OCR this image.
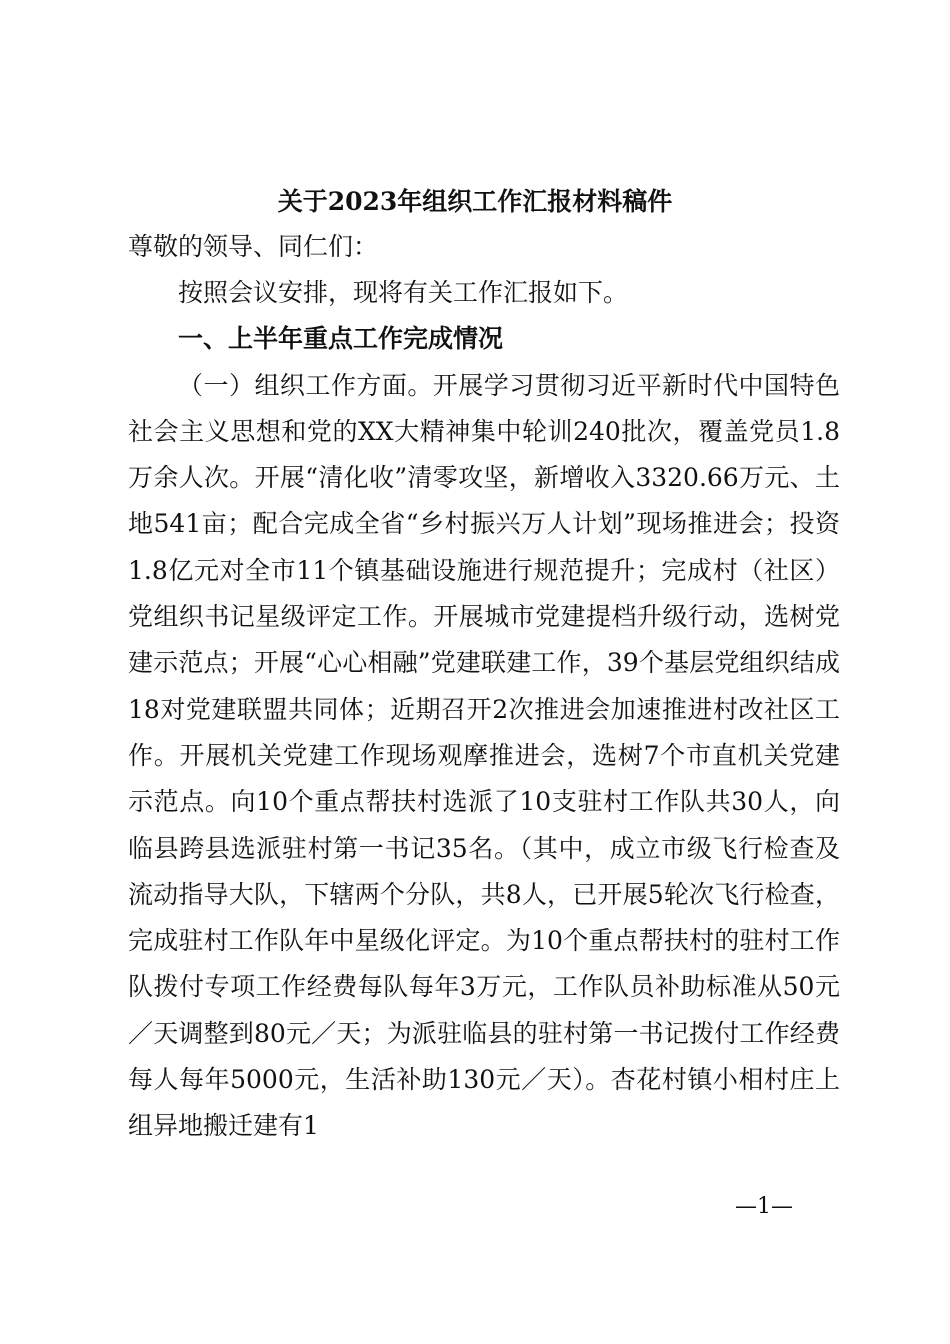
关于2023年组织工作汇报材料稿件
尊敬的领导、同仁们：

按照会议安排，现将有关工作汇报如下。

一、上半年重点工作完成情况

（一）组织工作方面。开展学习贯彻习近平新时代中国特色社会主义思想和党的XX大精神集中轮训240批次，覆盖党员1.8万余人次。开展“清化收”清零攻坚，新增收入3320.66万元、土地541亩；配合完成全省“乡村振兴万人计划”现场推进会；投资1.8亿元对全市11个镇基础设施进行规范提升；完成村（社区）党组织书记星级评定工作。开展城市党建提档升级行动，选树党建示范点；开展“心心相融”党建联建工作，39个基层党组织结成18对党建联盟共同体；近期召开2次推进会加速推进村改社区工作。开展机关党建工作现场观摩推进会，选树7个市直机关党建示范点。向10个重点帮扶村选派了10支驻村工作队共30人，向临县跨县选派驻村第一书记35名。（其中，成立市级飞行检查及流动指导大队，下辖两个分队，共8人，已开展5轮次飞行检查，完成驻村工作队年中星级化评定。为10个重点帮扶村的驻村工作队拨付专项工作经费每队每年3万元，工作队员补助标准从50元／天调整到80元／天；为派驻临县的驻村第一书记拨付工作经费每人每年5000元，生活补助130元／天）。杏花村镇小相村庄上组异地搬迁建有1

—1—
